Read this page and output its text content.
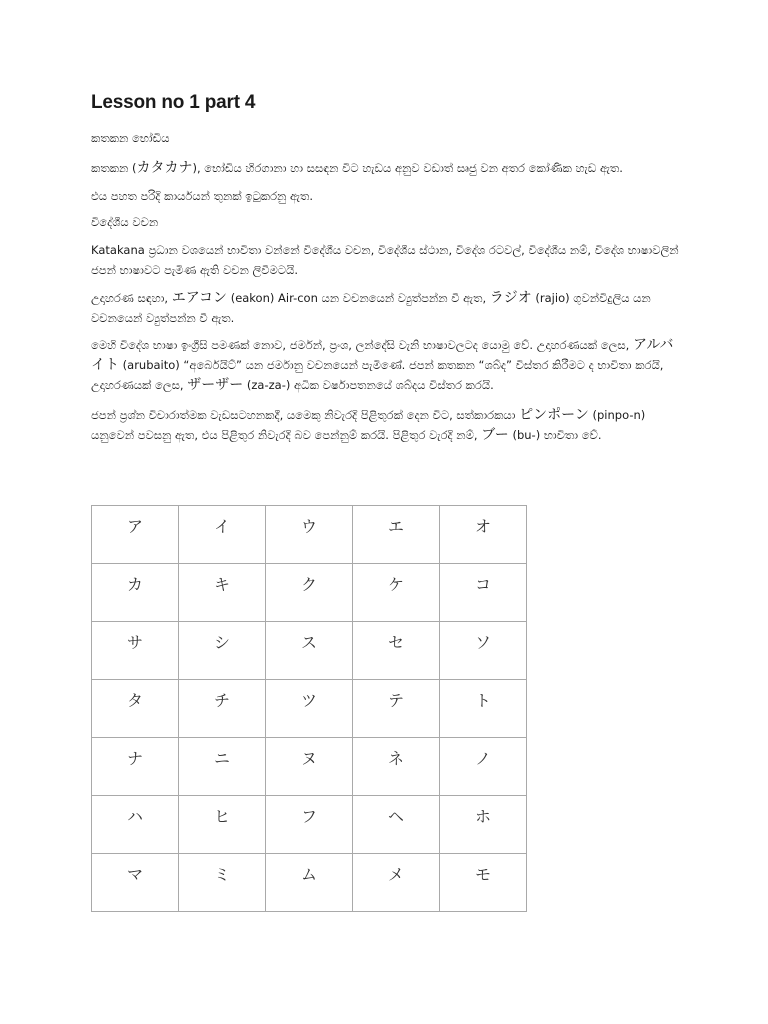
Lesson no 1 part 4

කතකන භෝඩිය

කතකන (カタカナ), භෝඩිය හිරගානා හා සසඳන විට හැඩය අනුව වඩාත් සෘජු වන අතර කෝණික හැඩ ඇත.

එය පහත පරිදි කාර්යයන් තුනක් ඉටුකරනු ඇත.

විදේශීය වචන

Katakana ප්‍රධාන වශයෙන් භාවිතා වන්නේ විදේශීය වචන, විදේශීය ස්ථාන, විදේශ රටවල්, විදේශීය නම්, විදේශ භාෂාවලින් ජපන් භාෂාවට පැමිණ ඇති වචන ලිවීමටයි.

උදාහරණ සඳහා, エアコン (eakon) Air-con යන වචනයෙන් ව්‍යුත්පන්න වී ඇත, ラジオ (rajio) ගුවන්විදුලිය යන වචනයෙන් ව්‍යුත්පන්න වී ඇත.

මෙහි විදේශ භාෂා ඉංග්‍රීසි පමණක් නොව, ජර්මන්, ප්‍රංශ, ලන්දේසි වැනි භාෂාවලටද යොමු වේ. උදාහරණයක් ලෙස, アルバイト (arubaito) “අර්බෙයිට්” යන ජර්මානු වචනයෙන් පැමිණේ. ජපන් කතකන “ශබ්ද” විස්තර කිරීමට ද භාවිතා කරයි, උදාහරණයක් ලෙස, ザーザー (za-za-) අධික වර්ෂාපතනයේ ශබ්දය විස්තර කරයි.

ජපන් ප්‍රශ්න විචාරාත්මක වැඩසටහනකදී, යමෙකු නිවැරදි පිළිතුරක් දෙන විට, සත්කාරකයා ピンポーン (pinpo-n) යනුවෙන් පවසනු ඇත, එය පිළිතුර නිවැරදි බව පෙන්නුම් කරයි. පිළිතුර වැරදි නම්, ブー (bu-) භාවිතා වේ.

ア	イ	ウ	エ	オ
カ	キ	ク	ケ	コ
サ	シ	ス	セ	ソ
タ	チ	ツ	テ	ト
ナ	ニ	ヌ	ネ	ノ
ハ	ヒ	フ	ヘ	ホ
マ	ミ	ム	メ	モ
